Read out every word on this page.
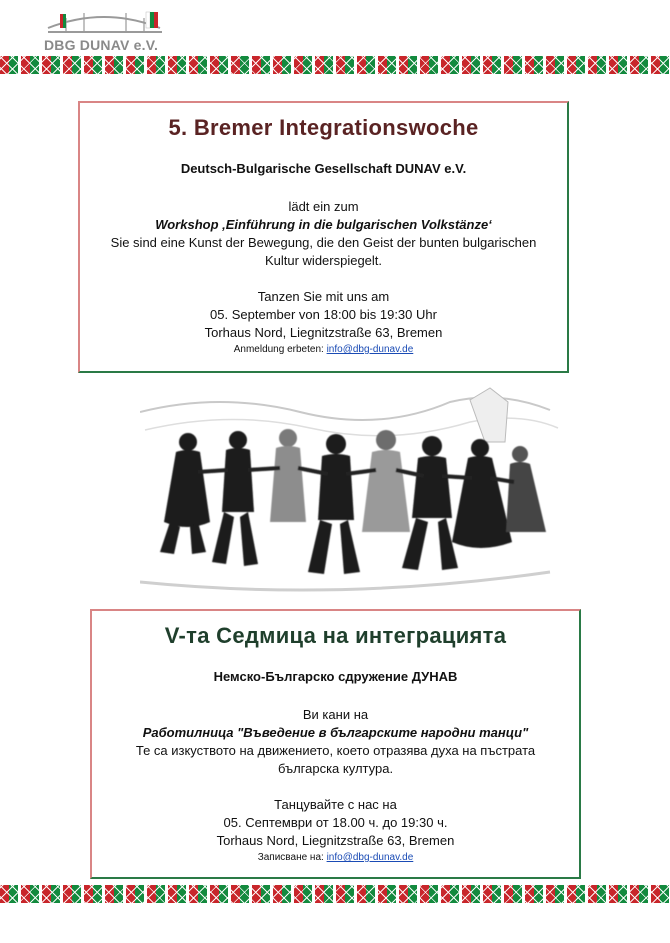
DBG DUNAV e.V.
5. Bremer Integrationswoche
Deutsch-Bulgarische Gesellschaft DUNAV e.V.
lädt ein zum
Workshop ‚Einführung in die bulgarischen Volkstänze‘
Sie sind eine Kunst der Bewegung, die den Geist der bunten bulgarischen
Kultur widerspiegelt.
Tanzen Sie mit uns am
05. September von 18:00 bis 19:30 Uhr
Torhaus Nord, Liegnitzstraße 63, Bremen
Anmeldung erbeten: info@dbg-dunav.de
V-та Седмица на интеграцията
Немско-Българско сдружение ДУНАВ
Ви кани на
Работилница "Въведение в българските народни танци"
Те са изкуството на движението, което отразява духа на пъстрата
българска култура.
Танцувайте с нас на
05. Септември от 18.00 ч. до 19:30 ч.
Torhaus Nord, Liegnitzstraße 63, Bremen
Записване на: info@dbg-dunav.de
